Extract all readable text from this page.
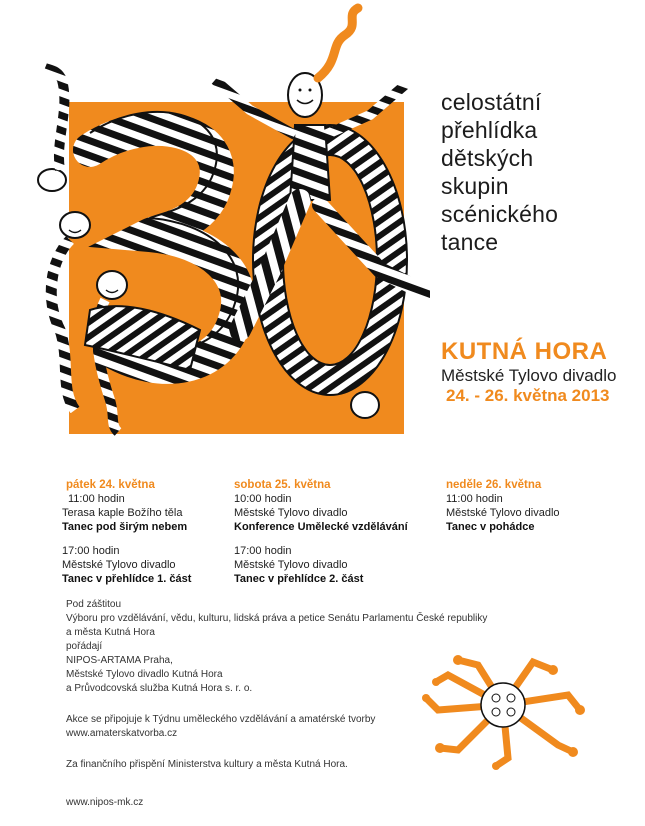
celostátní
přehlídka
dětských
skupin
scénického
tance

KUTNÁ HORA

Městské Tylovo divadlo

24. - 26. května 2013

pátek 24. května
11:00 hodin
Terasa kaple Božího těla
Tanec pod širým nebem
17:00 hodin
Městské Tylovo divadlo
Tanec v přehlídce 1. část
sobota 25. května
10:00 hodin
Městské Tylovo divadlo
Konference Umělecké vzdělávání
17:00 hodin
Městské Tylovo divadlo
Tanec v přehlídce 2. část
neděle 26. května
11:00 hodin
Městské Tylovo divadlo
Tanec v pohádce

Pod záštitou

Výboru pro vzdělávání, vědu, kulturu, lidská práva a petice Senátu Parlamentu České republiky

a města Kutná Hora

pořádají

NIPOS-ARTAMA Praha,

Městské Tylovo divadlo Kutná Hora

a Průvodcovská služba Kutná Hora s. r. o.

Akce se připojuje k Týdnu uměleckého vzdělávání a amatérské tvorby

www.amaterskatvorba.cz

Za finančního přispění Ministerstva kultury a města Kutná Hora.

www.nipos-mk.cz
